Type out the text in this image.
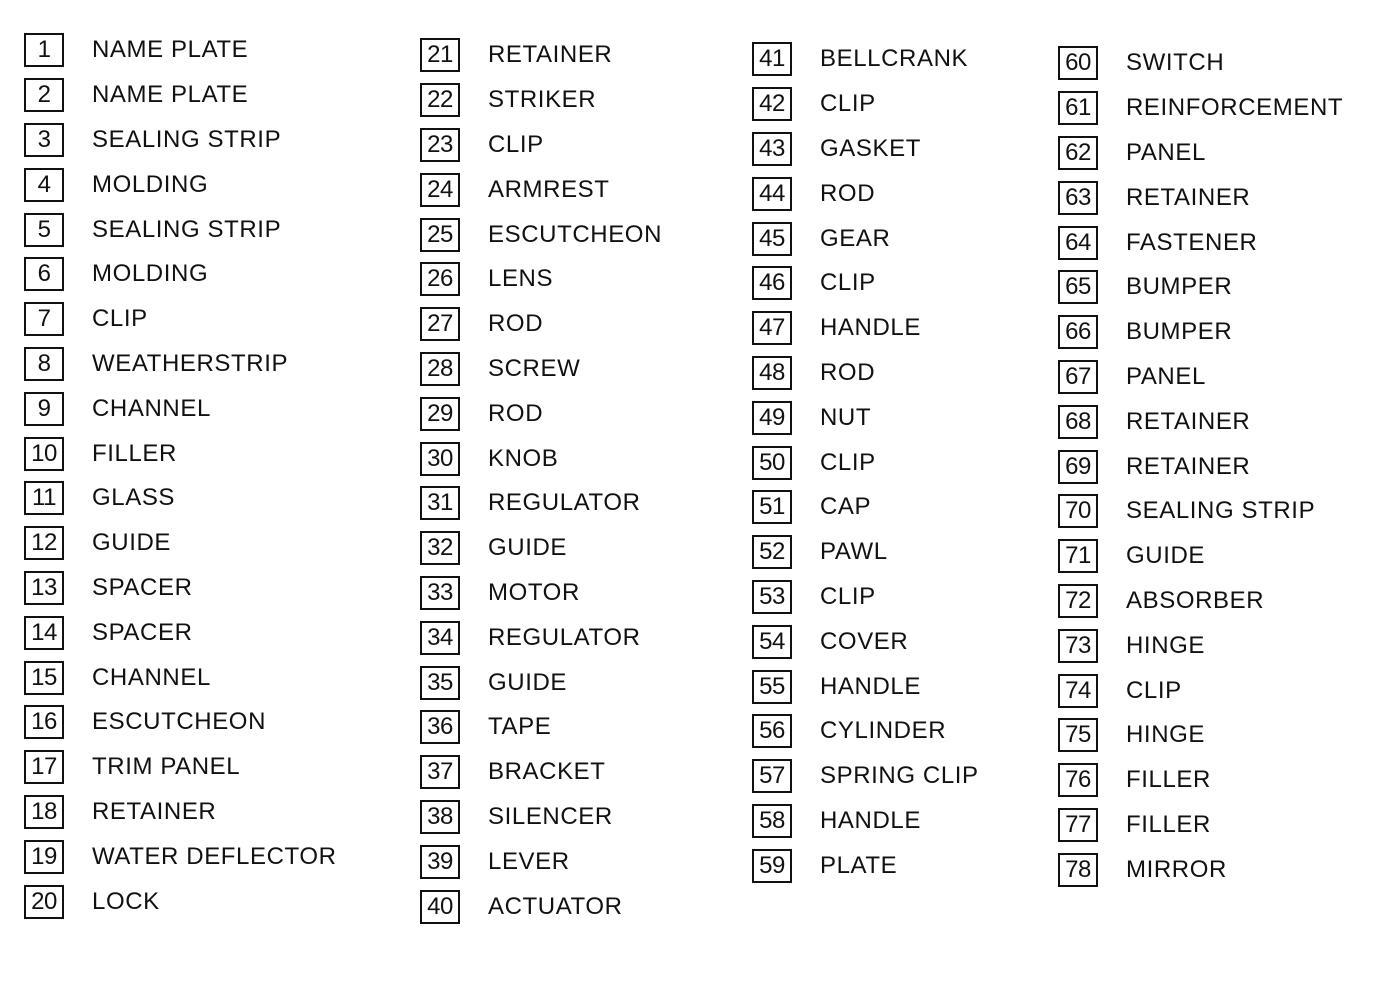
1	NAME PLATE
2	NAME PLATE
3	SEALING STRIP
4	MOLDING
5	SEALING STRIP
6	MOLDING
7	CLIP
8	WEATHERSTRIP
9	CHANNEL
10 FILLER
11	GLASS
12 GUIDE
13 SPACER
14 SPACER
15 CHANNEL
16 ESCUTCHEON
17 TRIM PANEL
18 RETAINER
19 WATER DEFLECTOR
20 LOCK
21 RETAINER
22 STRIKER
23 CLIP
24 ARMREST
25 ESCUTCHEON
26 LENS
27 ROD
28 SCREW
29 ROD
30 KNOB
31 REGULATOR
32 GUIDE
33 MOTOR
34 REGULATOR
35 GUIDE
36 TAPE
37 BRACKET
38 SILENCER
39 LEVER
40 ACTUATOR
41 BELLCRANK
42 CLIP
43 GASKET
44 ROD
45 GEAR
46 CLIP
47 HANDLE
48 ROD
49 NUT
50 CLIP
51 CAP
52 PAWL
53 CLIP
54 COVER
55 HANDLE
56 CYLINDER
57 SPRING CLIP
58 HANDLE
59 PLATE
60 SWITCH
61 REINFORCEMENT
62 PANEL
63 RETAINER
64 FASTENER
65 BUMPER
66 BUMPER
67 PANEL
68 RETAINER
69 RETAINER
70 SEALING STRIP
71 GUIDE
72 ABSORBER
73 HINGE
74 CLIP
75 HINGE
76 FILLER
77 FILLER
78 MIRROR
